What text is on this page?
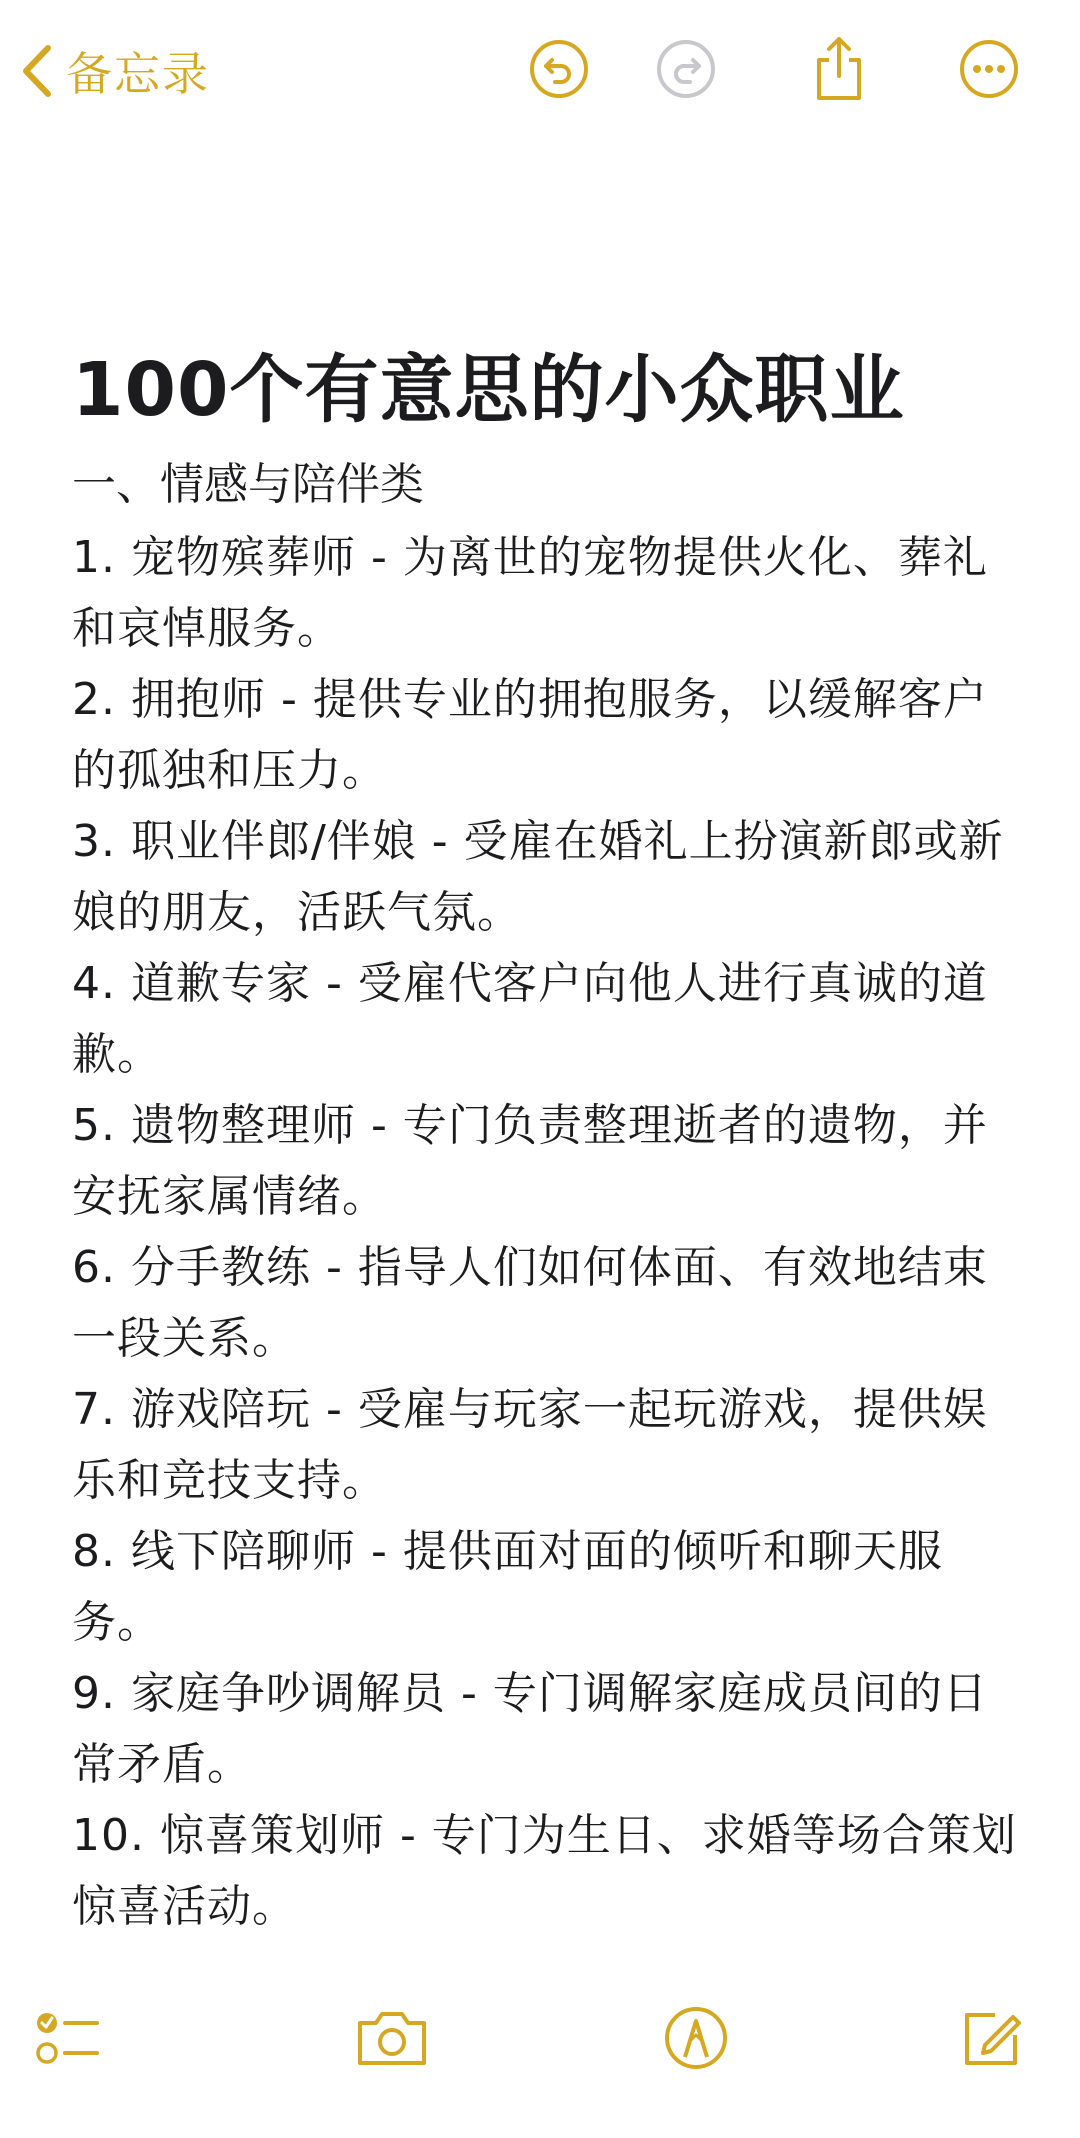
备忘录
100个有意思的小众职业

一、情感与陪伴类

1. 宠物殡葬师 - 为离世的宠物提供火化、葬礼和哀悼服务。

2. 拥抱师 - 提供专业的拥抱服务，以缓解客户的孤独和压力。

3. 职业伴郎/伴娘 - 受雇在婚礼上扮演新郎或新娘的朋友，活跃气氛。

4. 道歉专家 - 受雇代客户向他人进行真诚的道歉。

5. 遗物整理师 - 专门负责整理逝者的遗物，并安抚家属情绪。

6. 分手教练 - 指导人们如何体面、有效地结束一段关系。

7. 游戏陪玩 - 受雇与玩家一起玩游戏，提供娱乐和竞技支持。

8. 线下陪聊师 - 提供面对面的倾听和聊天服务。

9. 家庭争吵调解员 - 专门调解家庭成员间的日常矛盾。

10. 惊喜策划师 - 专门为生日、求婚等场合策划惊喜活动。
